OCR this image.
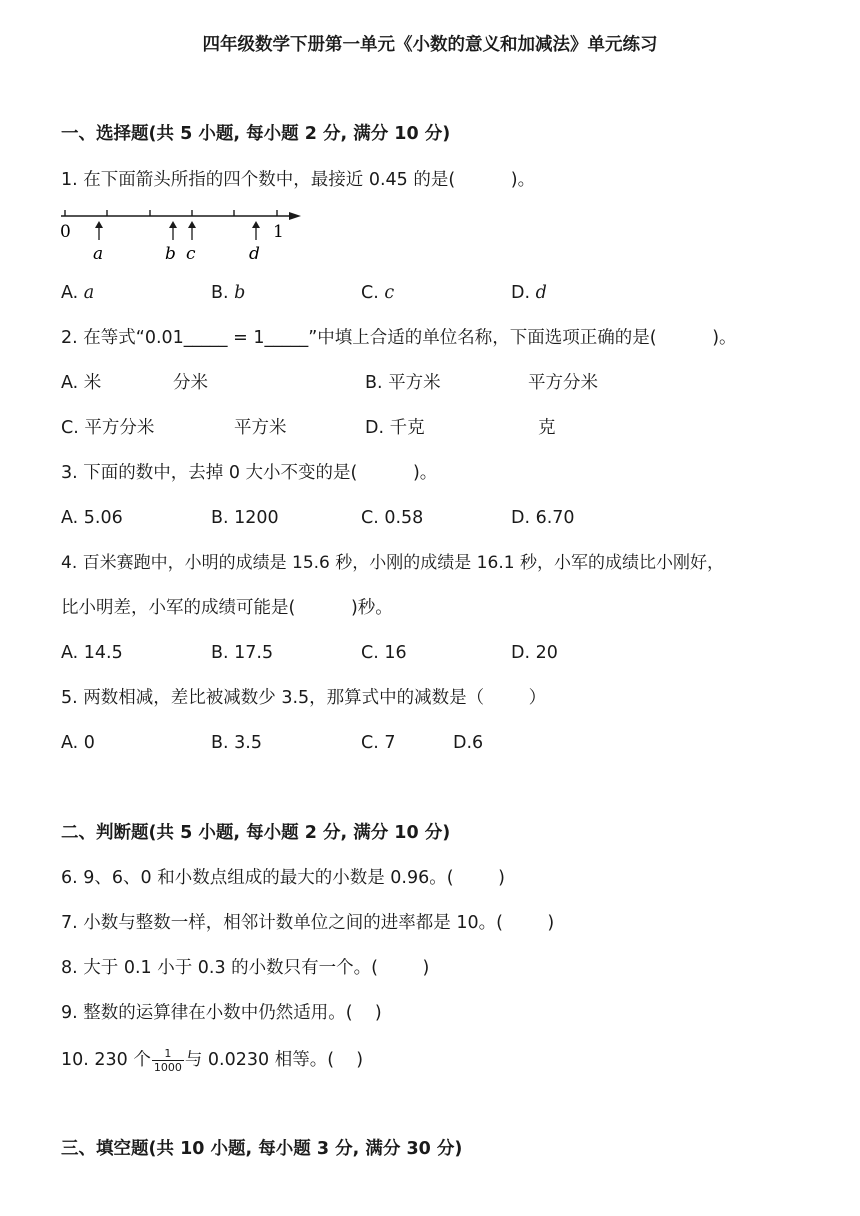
四年级数学下册第一单元《小数的意义和加减法》单元练习
一、选择题(共 5 小题, 每小题 2 分, 满分 10 分)
1. 在下面箭头所指的四个数中，最接近 0.45 的是(          )。
0	1
a	b c	d
A. a	B. b	C. c	D. d
2. 在等式“0.01_____ = 1_____”中填上合适的单位名称，下面选项正确的是(          )。
A. 米	分米	B. 平方米	平方分米
C. 平方分米	平方米	D. 千克	克
3. 下面的数中，去掉 0 大小不变的是(          )。
A. 5.06	B. 1200	C. 0.58	D. 6.70
4. 百米赛跑中，小明的成绩是 15.6 秒，小刚的成绩是 16.1 秒，小军的成绩比小刚好，
比小明差，小军的成绩可能是(          )秒。
A. 14.5	B. 17.5	C. 16	D. 20
5. 两数相减，差比被减数少 3.5，那算式中的减数是（        ）
A. 0	B. 3.5	C. 7	D.6
二、判断题(共 5 小题, 每小题 2 分, 满分 10 分)
6. 9、6、0 和小数点组成的最大的小数是 0.96。(        )
7. 小数与整数一样，相邻计数单位之间的进率都是 10。(        )
8. 大于 0.1 小于 0.3 的小数只有一个。(        )
9. 整数的运算律在小数中仍然适用。(    )
10. 230 个 $\frac{1}{1000}$ 与 0.0230 相等。(    )
三、填空题(共 10 小题, 每小题 3 分, 满分 30 分)
